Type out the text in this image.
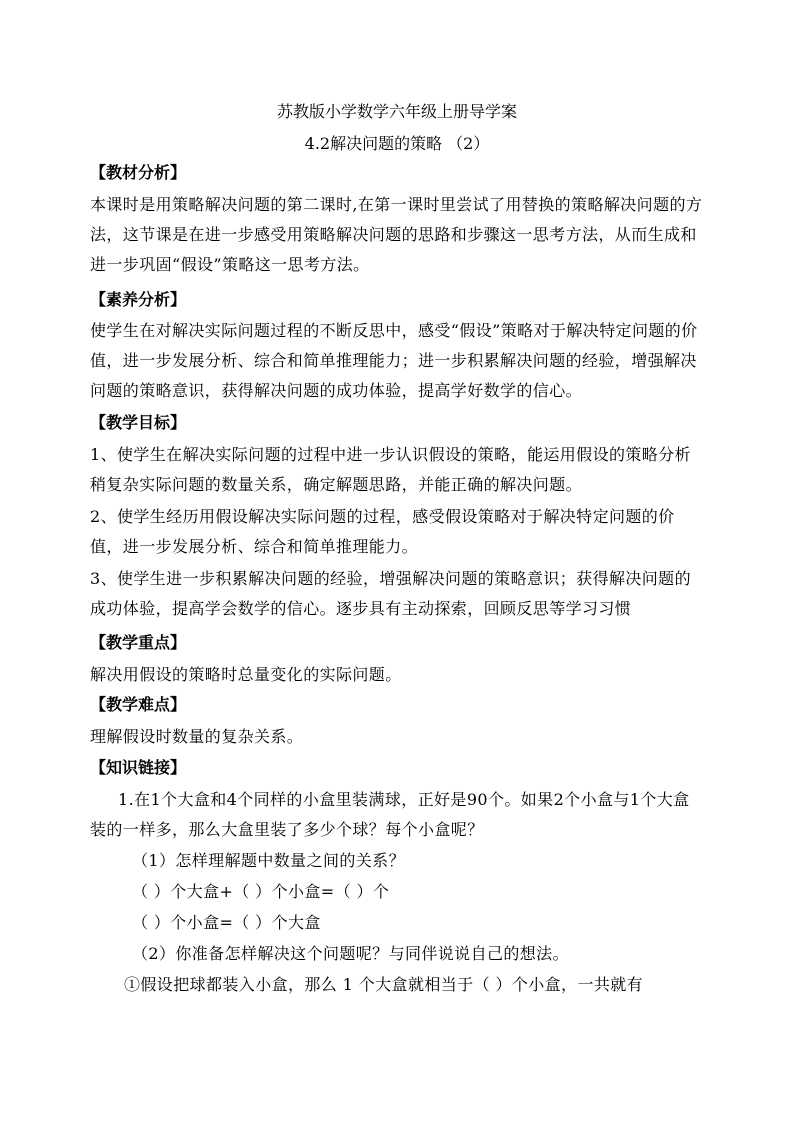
苏教版小学数学六年级上册导学案
4.2解决问题的策略 （2）
【教材分析】
本课时是用策略解决问题的第二课时,在第一课时里尝试了用替换的策略解决问题的方法，这节课是在进一步感受用策略解决问题的思路和步骤这一思考方法，从而生成和进一步巩固“假设”策略这一思考方法。
【素养分析】
使学生在对解决实际问题过程的不断反思中，感受“假设”策略对于解决特定问题的价值，进一步发展分析、综合和简单推理能力；进一步积累解决问题的经验，增强解决问题的策略意识，获得解决问题的成功体验，提高学好数学的信心。
【教学目标】
1、使学生在解决实际问题的过程中进一步认识假设的策略，能运用假设的策略分析稍复杂实际问题的数量关系，确定解题思路，并能正确的解决问题。
2、使学生经历用假设解决实际问题的过程，感受假设策略对于解决特定问题的价值，进一步发展分析、综合和简单推理能力。
3、使学生进一步积累解决问题的经验，增强解决问题的策略意识；获得解决问题的成功体验，提高学会数学的信心。逐步具有主动探索，回顾反思等学习习惯
【教学重点】
解决用假设的策略时总量变化的实际问题。
【教学难点】
理解假设时数量的复杂关系。
【知识链接】
1.在1个大盒和4个同样的小盒里装满球，正好是90个。如果2个小盒与1个大盒装的一样多，那么大盒里装了多少个球？每个小盒呢？
（1）怎样理解题中数量之间的关系？
（ ）个大盒+（ ）个小盒=（ ）个
（ ）个小盒=（ ）个大盒
（2）你准备怎样解决这个问题呢？与同伴说说自己的想法。
①假设把球都装入小盒，那么 1 个大盒就相当于（ ）个小盒，一共就有
